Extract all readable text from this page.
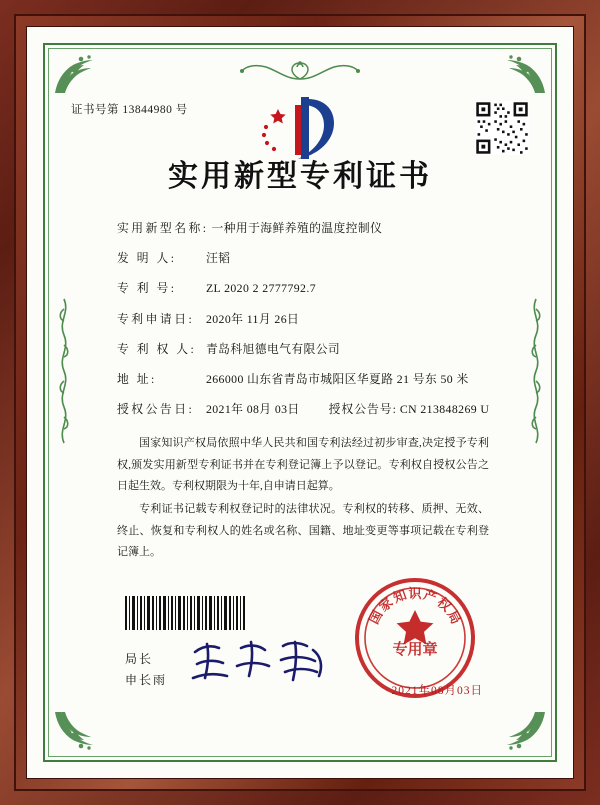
证书号第 13844980 号
实用新型专利证书
实用新型名称: 一种用于海鲜养殖的温度控制仪
发 明 人: 汪韬
专 利 号: ZL 2020 2 2777792.7
专利申请日: 2020年 11月 26日
专 利 权 人: 青岛科旭德电气有限公司
地 址:	266000 山东省青岛市城阳区华夏路 21 号东 50 米
授权公告日: 2021年 08月 03日 授权公告号: CN 213848269 U

国家知识产权局依照中华人民共和国专利法经过初步审查,决定授予专利权,颁发实用新型专利证书并在专利登记簿上予以登记。专利权自授权公告之日起生效。专利权期限为十年,自申请日起算。

专利证书记载专利权登记时的法律状况。专利权的转移、质押、无效、终止、恢复和专利权人的姓名或名称、国籍、地址变更等事项记载在专利登记簿上。

局长
申长雨
国
家
知 识 产
权
局
专用章
2021年08月03日
